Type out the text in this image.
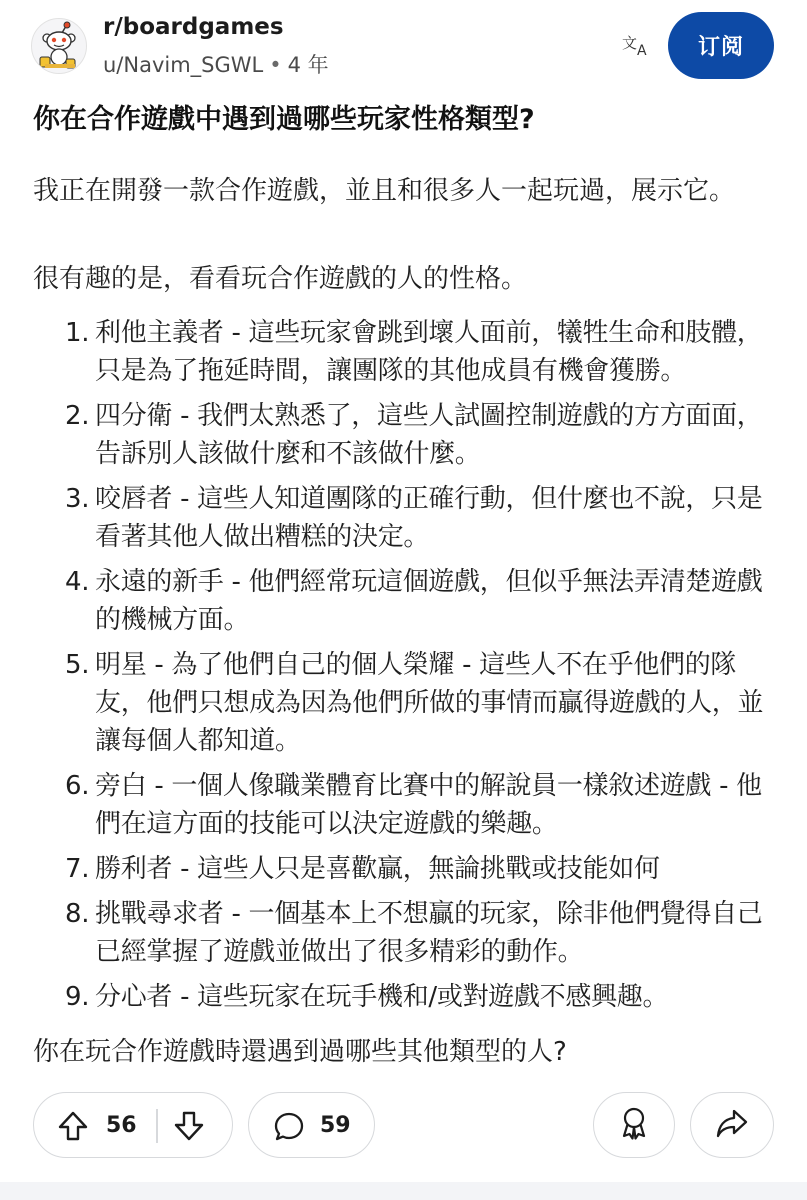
r/boardgames
u/Navim_SGWL • 4 年
文 A	订阅
你在合作遊戲中遇到過哪些玩家性格類型?

我正在開發一款合作遊戲，並且和很多人一起玩過，展示它。

很有趣的是，看看玩合作遊戲的人的性格。

1. 利他主義者 - 這些玩家會跳到壞人面前，犧牲生命和肢體，只是為了拖延時間，讓團隊的其他成員有機會獲勝。
2. 四分衛 - 我們太熟悉了，這些人試圖控制遊戲的方方面面，告訴別人該做什麼和不該做什麼。
3. 咬唇者 - 這些人知道團隊的正確行動，但什麼也不說，只是看著其他人做出糟糕的決定。
4. 永遠的新手 - 他們經常玩這個遊戲，但似乎無法弄清楚遊戲的機械方面。
5. 明星 - 為了他們自己的個人榮耀 - 這些人不在乎他們的隊友，他們只想成為因為他們所做的事情而贏得遊戲的人，並讓每個人都知道。
6. 旁白 - 一個人像職業體育比賽中的解說員一樣敘述遊戲 - 他們在這方面的技能可以決定遊戲的樂趣。
7. 勝利者 - 這些人只是喜歡贏，無論挑戰或技能如何
8. 挑戰尋求者 - 一個基本上不想贏的玩家，除非他們覺得自己已經掌握了遊戲並做出了很多精彩的動作。
9. 分心者 - 這些玩家在玩手機和/或對遊戲不感興趣。

你在玩合作遊戲時還遇到過哪些其他類型的人?

56	59
